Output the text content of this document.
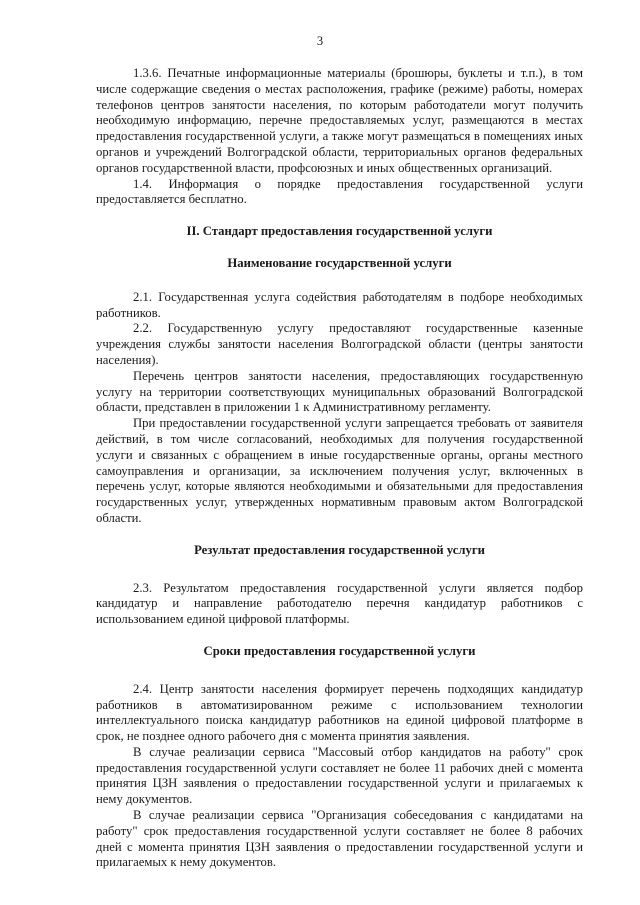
3

1.3.6. Печатные информационные материалы (брошюры, буклеты и т.п.), в том числе содержащие сведения о местах расположения, графике (режиме) работы, номерах телефонов центров занятости населения, по которым работодатели могут получить необходимую информацию, перечне предоставляемых услуг, размещаются в местах предоставления государственной услуги, а также могут размещаться в помещениях иных органов и учреждений Волгоградской области, территориальных органов федеральных органов государственной власти, профсоюзных и иных общественных организаций.

1.4. Информация о порядке предоставления государственной услуги предоставляется бесплатно.

II. Стандарт предоставления государственной услуги
Наименование государственной услуги

2.1. Государственная услуга содействия работодателям в подборе необходимых работников.

2.2. Государственную услугу предоставляют государственные казенные учреждения службы занятости населения Волгоградской области (центры занятости населения).

Перечень центров занятости населения, предоставляющих государственную услугу на территории соответствующих муниципальных образований Волгоградской области, представлен в приложении 1 к Административному регламенту.

При предоставлении государственной услуги запрещается требовать от заявителя действий, в том числе согласований, необходимых для получения государственной услуги и связанных с обращением в иные государственные органы, органы местного самоуправления и организации, за исключением получения услуг, включенных в перечень услуг, которые являются необходимыми и обязательными для предоставления государственных услуг, утвержденных нормативным правовым актом Волгоградской области.

Результат предоставления государственной услуги

2.3. Результатом предоставления государственной услуги является подбор кандидатур и направление работодателю перечня кандидатур работников с использованием единой цифровой платформы.

Сроки предоставления государственной услуги

2.4. Центр занятости населения формирует перечень подходящих кандидатур работников в автоматизированном режиме с использованием технологии интеллектуального поиска кандидатур работников на единой цифровой платформе в срок, не позднее одного рабочего дня с момента принятия заявления.

В случае реализации сервиса "Массовый отбор кандидатов на работу" срок предоставления государственной услуги составляет не более 11 рабочих дней с момента принятия ЦЗН заявления о предоставлении государственной услуги и прилагаемых к нему документов.

В случае реализации сервиса "Организация собеседования с кандидатами на работу" срок предоставления государственной услуги составляет не более 8 рабочих дней с момента принятия ЦЗН заявления о предоставлении государственной услуги и прилагаемых к нему документов.
